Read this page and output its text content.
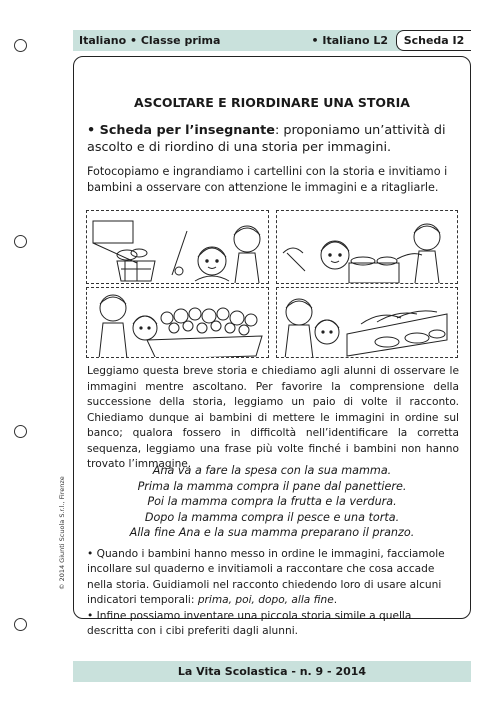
Italiano • Classe prima	• Italiano L2	Scheda I2
ASCOLTARE E RIORDINARE UNA STORIA
• Scheda per l’insegnante: proponiamo un’attività di ascolto e di riordino di una storia per immagini.
Fotocopiamo e ingrandiamo i cartellini con la storia e invitiamo i bambini a osservare con attenzione le immagini e a ritagliarle.
Leggiamo questa breve storia e chiediamo agli alunni di osservare le immagini mentre ascoltano. Per favorire la comprensione della successione della storia, leggiamo un paio di volte il racconto. Chiediamo dunque ai bambini di mettere le immagini in ordine sul banco; qualora fossero in difficoltà nell’identificare la corretta sequenza, leggiamo una frase più volte finché i bambini non hanno trovato l’immagine.
Ana va a fare la spesa con la sua mamma.
Prima la mamma compra il pane dal panettiere.
Poi la mamma compra la frutta e la verdura.
Dopo la mamma compra il pesce e una torta.
Alla fine Ana e la sua mamma preparano il pranzo.
• Quando i bambini hanno messo in ordine le immagini, facciamole incollare sul quaderno e invitiamoli a raccontare che cosa accade nella storia. Guidiamoli nel racconto chiedendo loro di usare alcuni indicatori temporali: prima, poi, dopo, alla fine.
• Infine possiamo inventare una piccola storia simile a quella descritta con i cibi preferiti dagli alunni.
© 2014 Giunti Scuola S.r.l., Firenze
La Vita Scolastica - n. 9 - 2014
